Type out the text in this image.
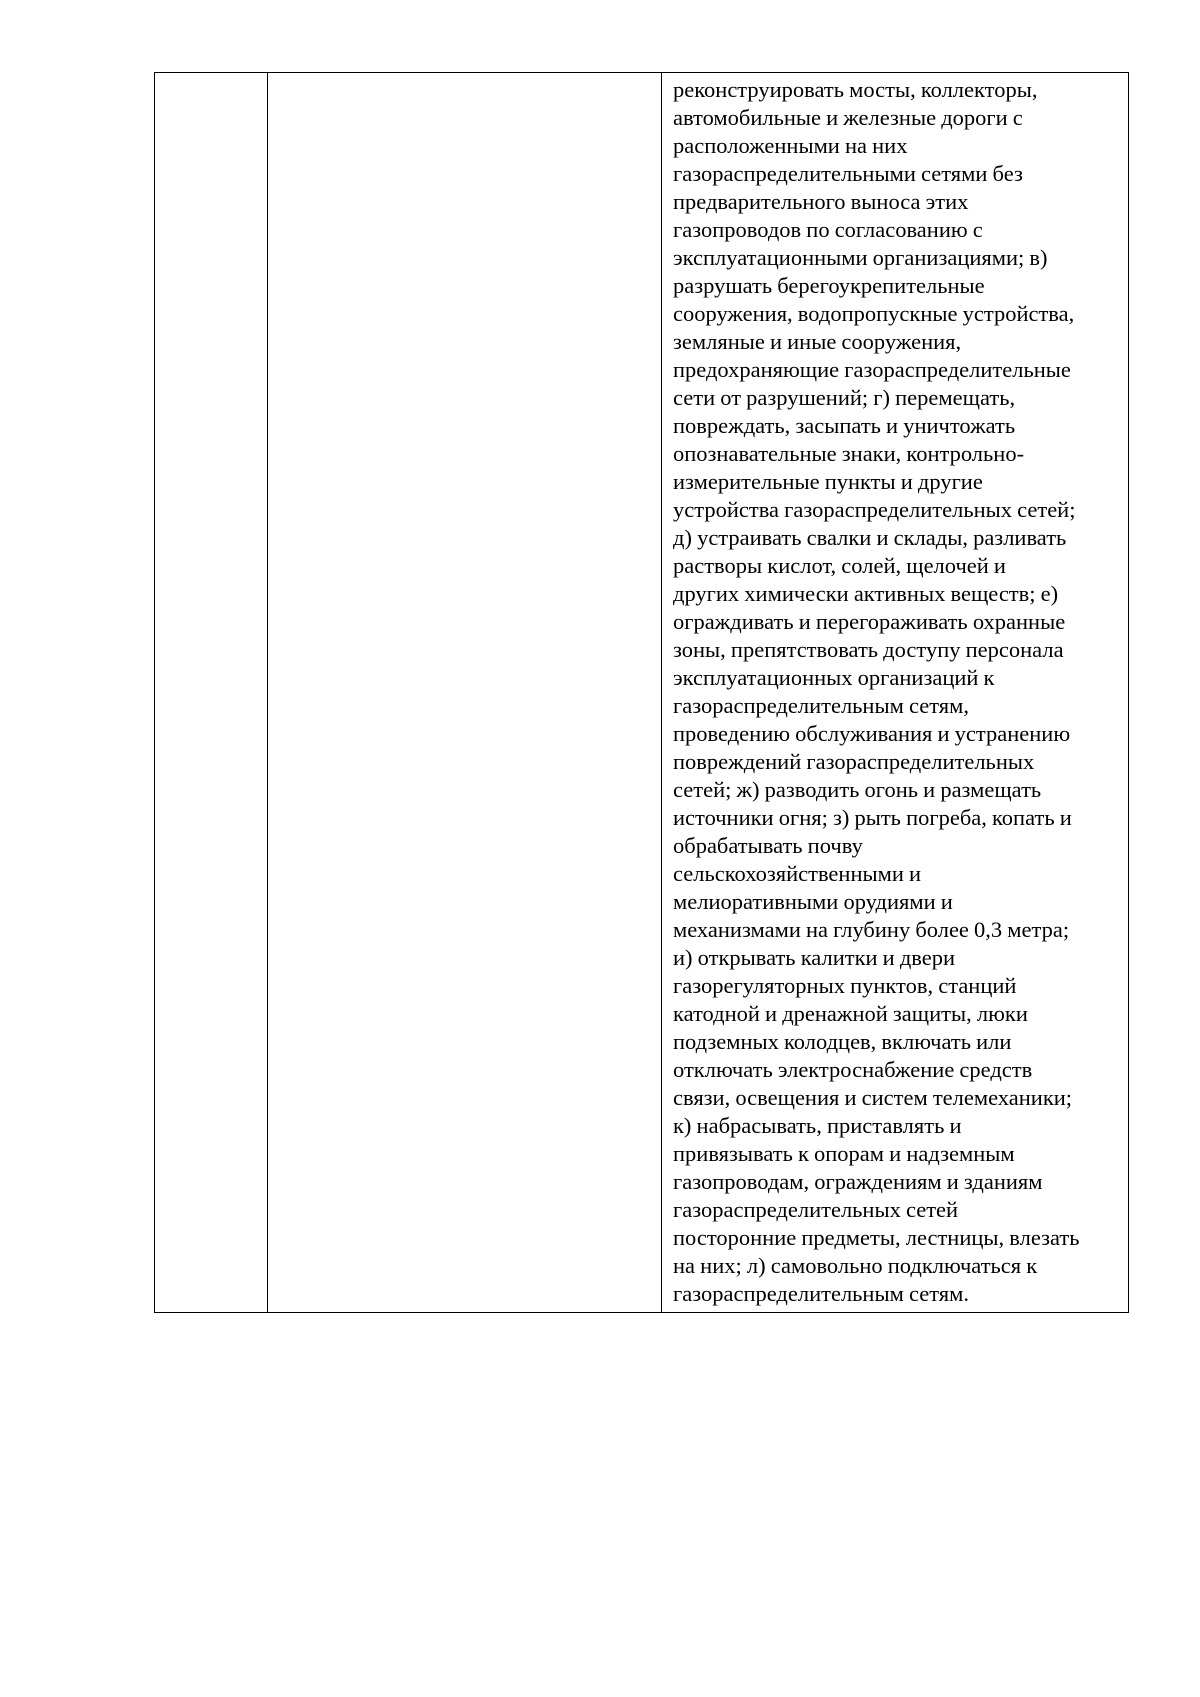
реконструировать мосты, коллекторы,
автомобильные и железные дороги с
расположенными на них
газораспределительными сетями без
предварительного выноса этих
газопроводов по согласованию с
эксплуатационными организациями; в)
разрушать берегоукрепительные
сооружения, водопропускные устройства,
земляные и иные сооружения,
предохраняющие газораспределительные
сети от разрушений; г) перемещать,
повреждать, засыпать и уничтожать
опознавательные знаки, контрольно-
измерительные пункты и другие
устройства газораспределительных сетей;
д) устраивать свалки и склады, разливать
растворы кислот, солей, щелочей и
других химически активных веществ; е)
ограждивать и перегораживать охранные
зоны, препятствовать доступу персонала
эксплуатационных организаций к
газораспределительным сетям,
проведению обслуживания и устранению
повреждений газораспределительных
сетей; ж) разводить огонь и размещать
источники огня; з) рыть погреба, копать и
обрабатывать почву
сельскохозяйственными и
мелиоративными орудиями и
механизмами на глубину более 0,3 метра;
и) открывать калитки и двери
газорегуляторных пунктов, станций
катодной и дренажной защиты, люки
подземных колодцев, включать или
отключать электроснабжение средств
связи, освещения и систем телемеханики;
к) набрасывать, приставлять и
привязывать к опорам и надземным
газопроводам, ограждениям и зданиям
газораспределительных сетей
посторонние предметы, лестницы, влезать
на них; л) самовольно подключаться к
газораспределительным сетям.
